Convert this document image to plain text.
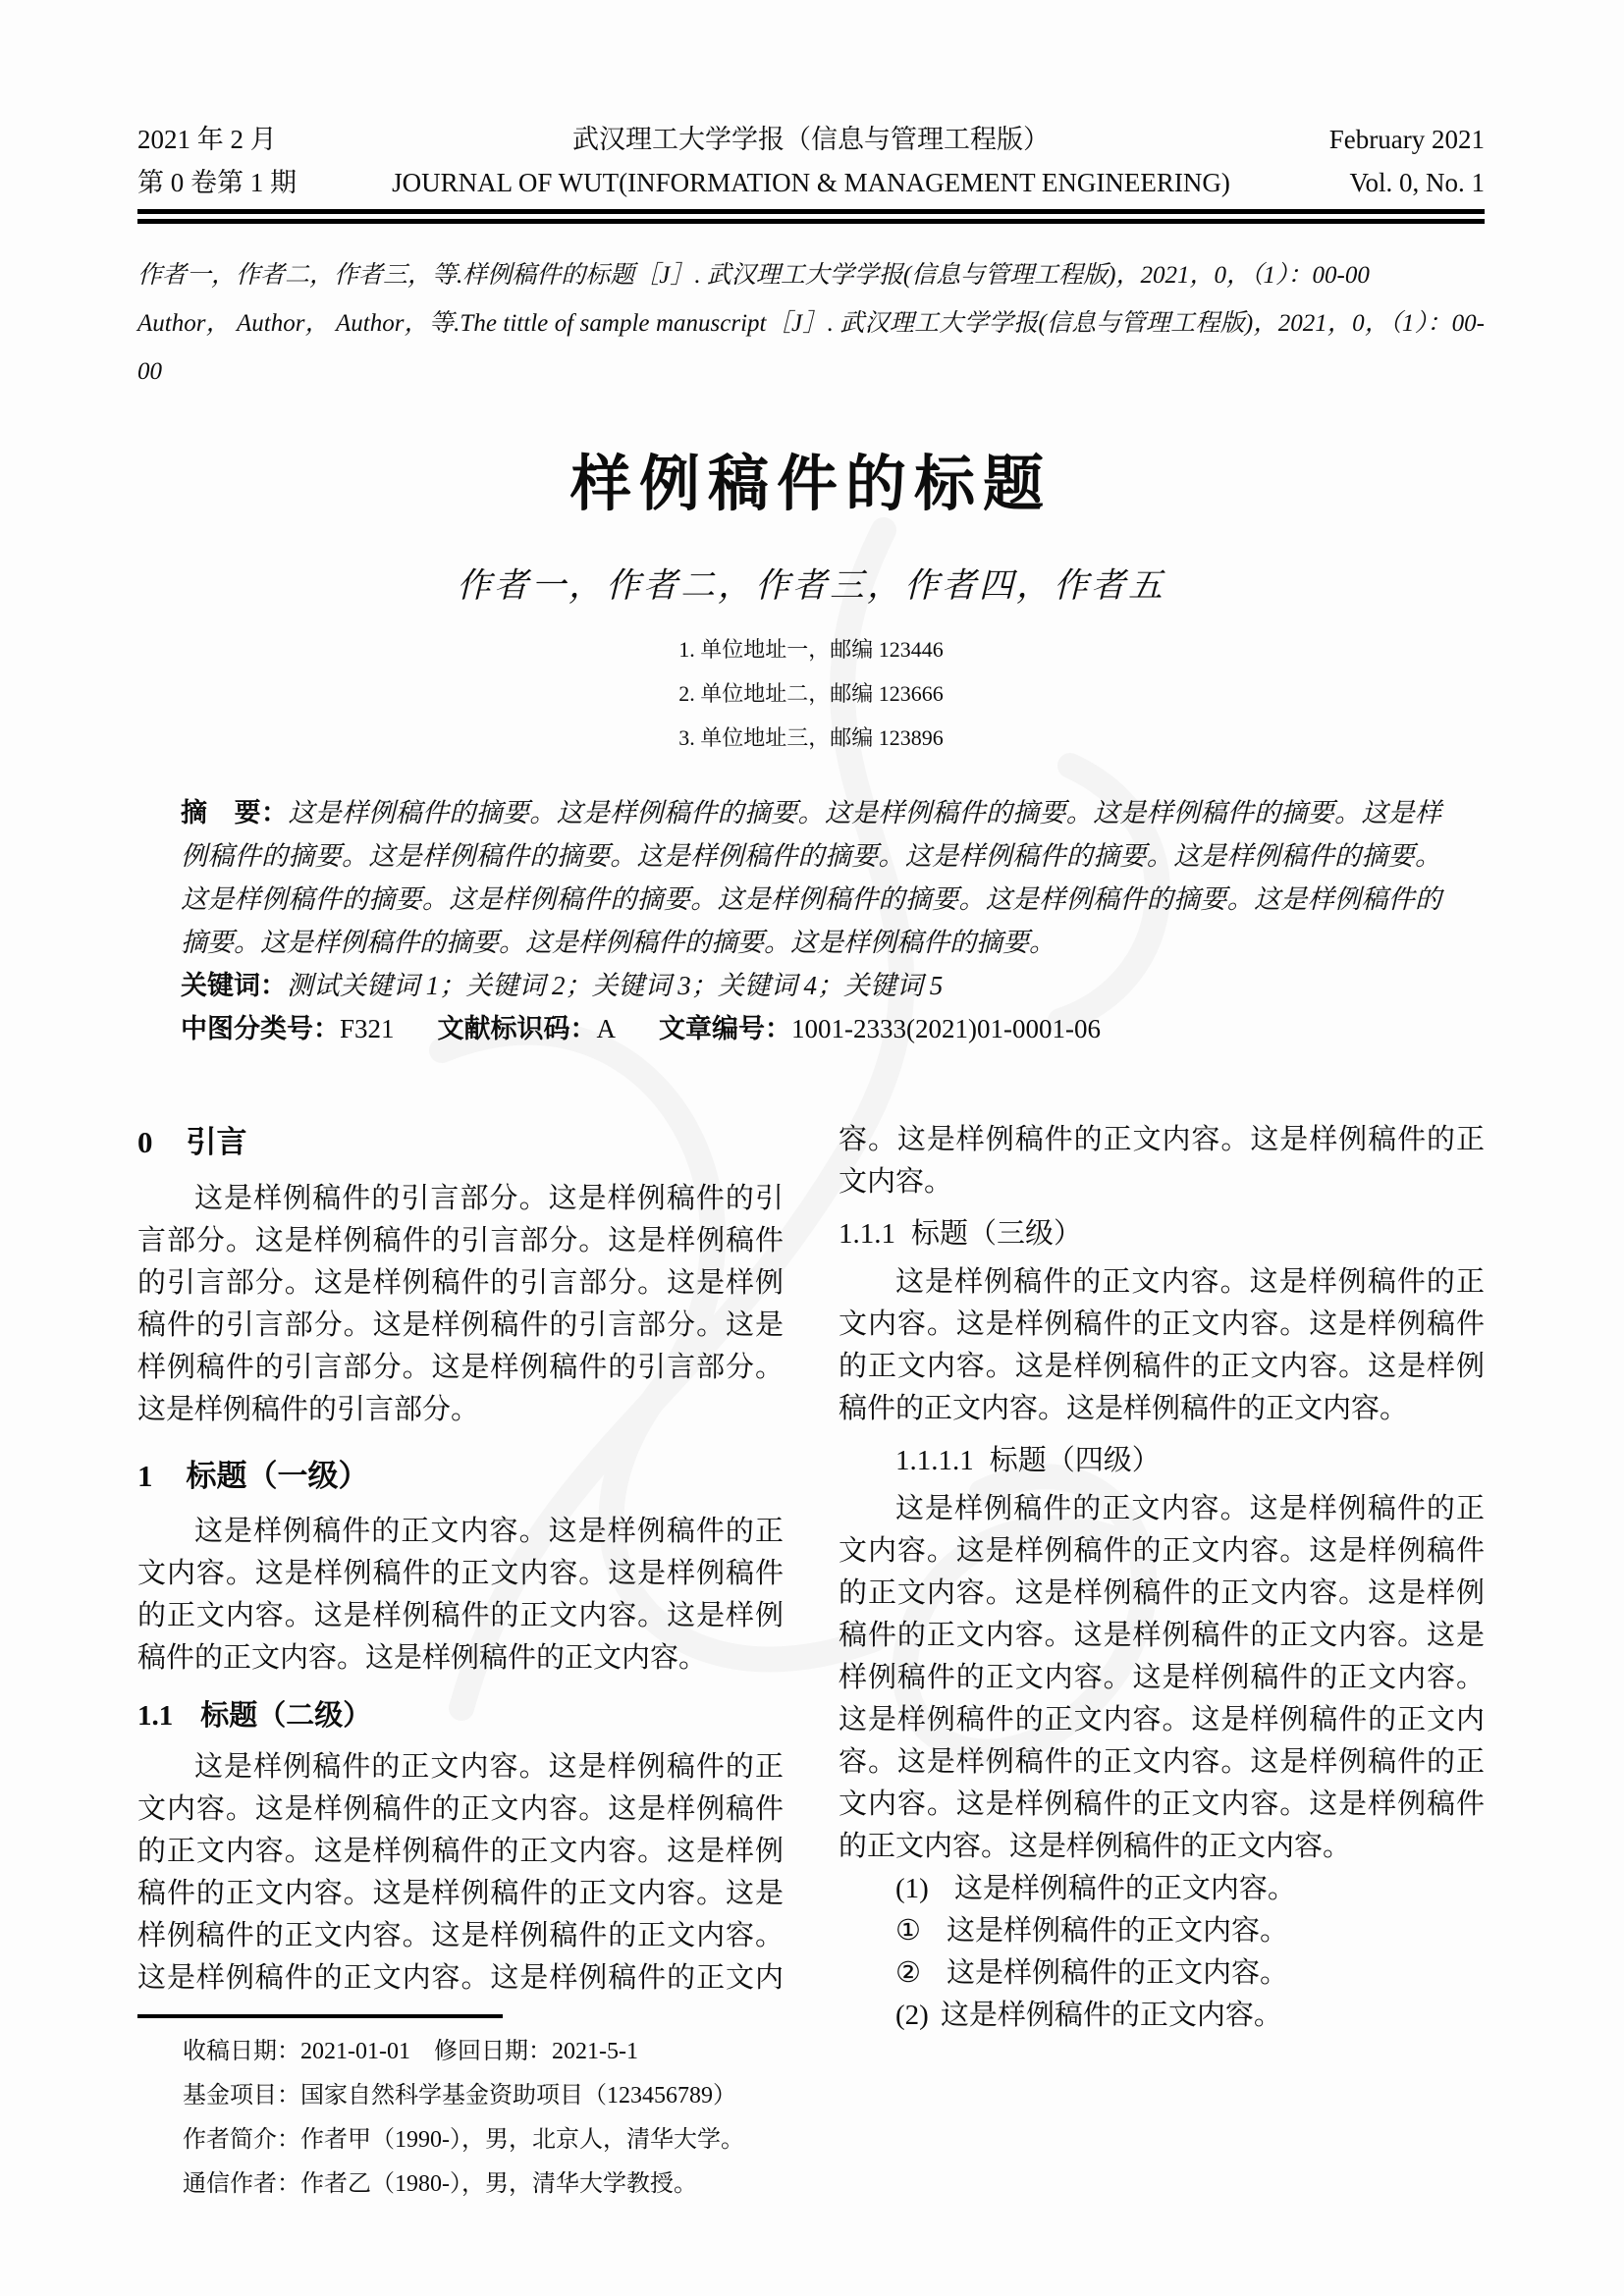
2021 年 2 月
第 0 卷第 1 期
武汉理工大学学报（信息与管理工程版）
JOURNAL OF WUT(INFORMATION & MANAGEMENT ENGINEERING)
February 2021
Vol. 0, No. 1

作者一，作者二，作者三，等.样例稿件的标题［J］. 武汉理工大学学报(信息与管理工程版)，2021，0，（1）：00-00

Author， Author， Author，等.The tittle of sample manuscript［J］. 武汉理工大学学报(信息与管理工程版)，2021，0，（1）：00-00

样例稿件的标题
作者一，作者二，作者三，作者四，作者五
1. 单位地址一，邮编 123446
2. 单位地址二，邮编 123666
3. 单位地址三，邮编 123896

摘　要：这是样例稿件的摘要。这是样例稿件的摘要。这是样例稿件的摘要。这是样例稿件的摘要。这是样例稿件的摘要。这是样例稿件的摘要。这是样例稿件的摘要。这是样例稿件的摘要。这是样例稿件的摘要。这是样例稿件的摘要。这是样例稿件的摘要。这是样例稿件的摘要。这是样例稿件的摘要。这是样例稿件的摘要。这是样例稿件的摘要。这是样例稿件的摘要。这是样例稿件的摘要。

关键词：测试关键词 1；关键词 2；关键词 3；关键词 4；关键词 5

中图分类号：F321 文献标识码：A 文章编号：1001-2333(2021)01-0001-06

0 引言

这是样例稿件的引言部分。这是样例稿件的引言部分。这是样例稿件的引言部分。这是样例稿件的引言部分。这是样例稿件的引言部分。这是样例稿件的引言部分。这是样例稿件的引言部分。这是样例稿件的引言部分。这是样例稿件的引言部分。这是样例稿件的引言部分。

1 标题（一级）

这是样例稿件的正文内容。这是样例稿件的正文内容。这是样例稿件的正文内容。这是样例稿件的正文内容。这是样例稿件的正文内容。这是样例稿件的正文内容。这是样例稿件的正文内容。

1.1 标题（二级）

这是样例稿件的正文内容。这是样例稿件的正文内容。这是样例稿件的正文内容。这是样例稿件的正文内容。这是样例稿件的正文内容。这是样例稿件的正文内容。这是样例稿件的正文内容。这是样例稿件的正文内容。这是样例稿件的正文内容。这是样例稿件的正文内容。这是样例稿件的正文内容。这是样例稿件的正文内容。这是样例稿件的正文内容。

1.1.1 标题（三级）

这是样例稿件的正文内容。这是样例稿件的正文内容。这是样例稿件的正文内容。这是样例稿件的正文内容。这是样例稿件的正文内容。这是样例稿件的正文内容。这是样例稿件的正文内容。

1.1.1.1 标题（四级）

这是样例稿件的正文内容。这是样例稿件的正文内容。这是样例稿件的正文内容。这是样例稿件的正文内容。这是样例稿件的正文内容。这是样例稿件的正文内容。这是样例稿件的正文内容。这是样例稿件的正文内容。这是样例稿件的正文内容。这是样例稿件的正文内容。这是样例稿件的正文内容。这是样例稿件的正文内容。这是样例稿件的正文内容。这是样例稿件的正文内容。这是样例稿件的正文内容。这是样例稿件的正文内容。

(1) 这是样例稿件的正文内容。
① 这是样例稿件的正文内容。
② 这是样例稿件的正文内容。
(2) 这是样例稿件的正文内容。
收稿日期：2021-01-01　修回日期：2021-5-1
基金项目：国家自然科学基金资助项目（123456789）
作者简介：作者甲（1990-），男，北京人，清华大学。
通信作者：作者乙（1980-），男，清华大学教授。
